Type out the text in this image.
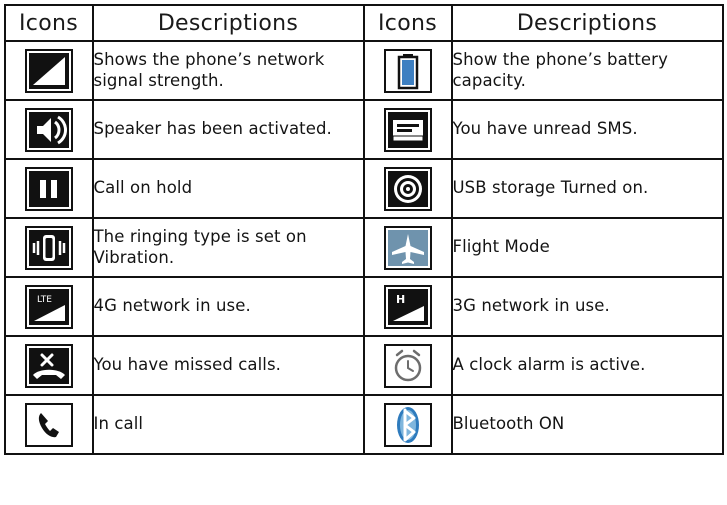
Icons	Descriptions	Icons	Descriptions

	Shows the phone’s network signal strength.		Show the phone’s battery capacity.

	Speaker has been activated.		You have unread SMS.

	Call on hold		USB storage Turned on.

	The ringing type is set on Vibration.		Flight Mode

LTE	4G network in use.	H	3G network in use.

	You have missed calls.		A clock alarm is active.

	In call		Bluetooth ON
